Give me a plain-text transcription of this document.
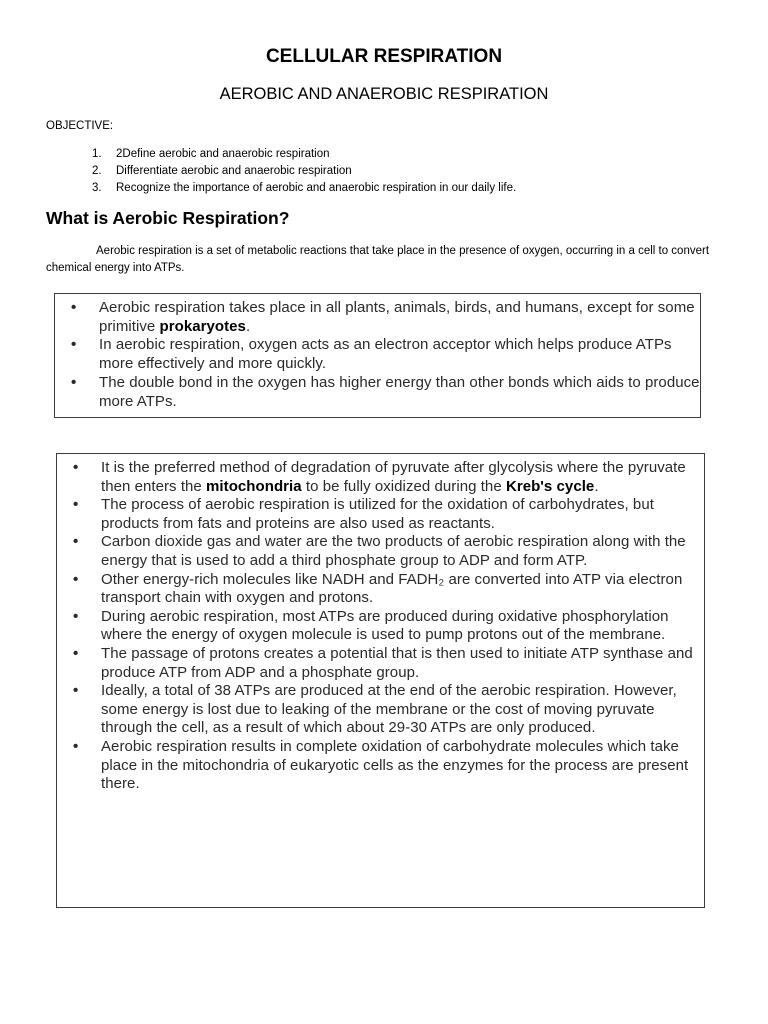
CELLULAR RESPIRATION
AEROBIC AND ANAEROBIC RESPIRATION
OBJECTIVE:
1. 2Define aerobic and anaerobic respiration
2. Differentiate aerobic and anaerobic respiration
3. Recognize the importance of aerobic and anaerobic respiration in our daily life.
What is Aerobic Respiration?
Aerobic respiration is a set of metabolic reactions that take place in the presence of oxygen, occurring in a cell to convert chemical energy into ATPs.
• Aerobic respiration takes place in all plants, animals, birds, and humans, except for some primitive prokaryotes.
• In aerobic respiration, oxygen acts as an electron acceptor which helps produce ATPs more effectively and more quickly.
• The double bond in the oxygen has higher energy than other bonds which aids to produce more ATPs.
• It is the preferred method of degradation of pyruvate after glycolysis where the pyruvate then enters the mitochondria to be fully oxidized during the Kreb's cycle.
• The process of aerobic respiration is utilized for the oxidation of carbohydrates, but products from fats and proteins are also used as reactants.
• Carbon dioxide gas and water are the two products of aerobic respiration along with the energy that is used to add a third phosphate group to ADP and form ATP.
• Other energy-rich molecules like NADH and FADH₂ are converted into ATP via electron transport chain with oxygen and protons.
• During aerobic respiration, most ATPs are produced during oxidative phosphorylation where the energy of oxygen molecule is used to pump protons out of the membrane.
• The passage of protons creates a potential that is then used to initiate ATP synthase and produce ATP from ADP and a phosphate group.
• Ideally, a total of 38 ATPs are produced at the end of the aerobic respiration. However, some energy is lost due to leaking of the membrane or the cost of moving pyruvate through the cell, as a result of which about 29-30 ATPs are only produced.
• Aerobic respiration results in complete oxidation of carbohydrate molecules which take place in the mitochondria of eukaryotic cells as the enzymes for the process are present there.
